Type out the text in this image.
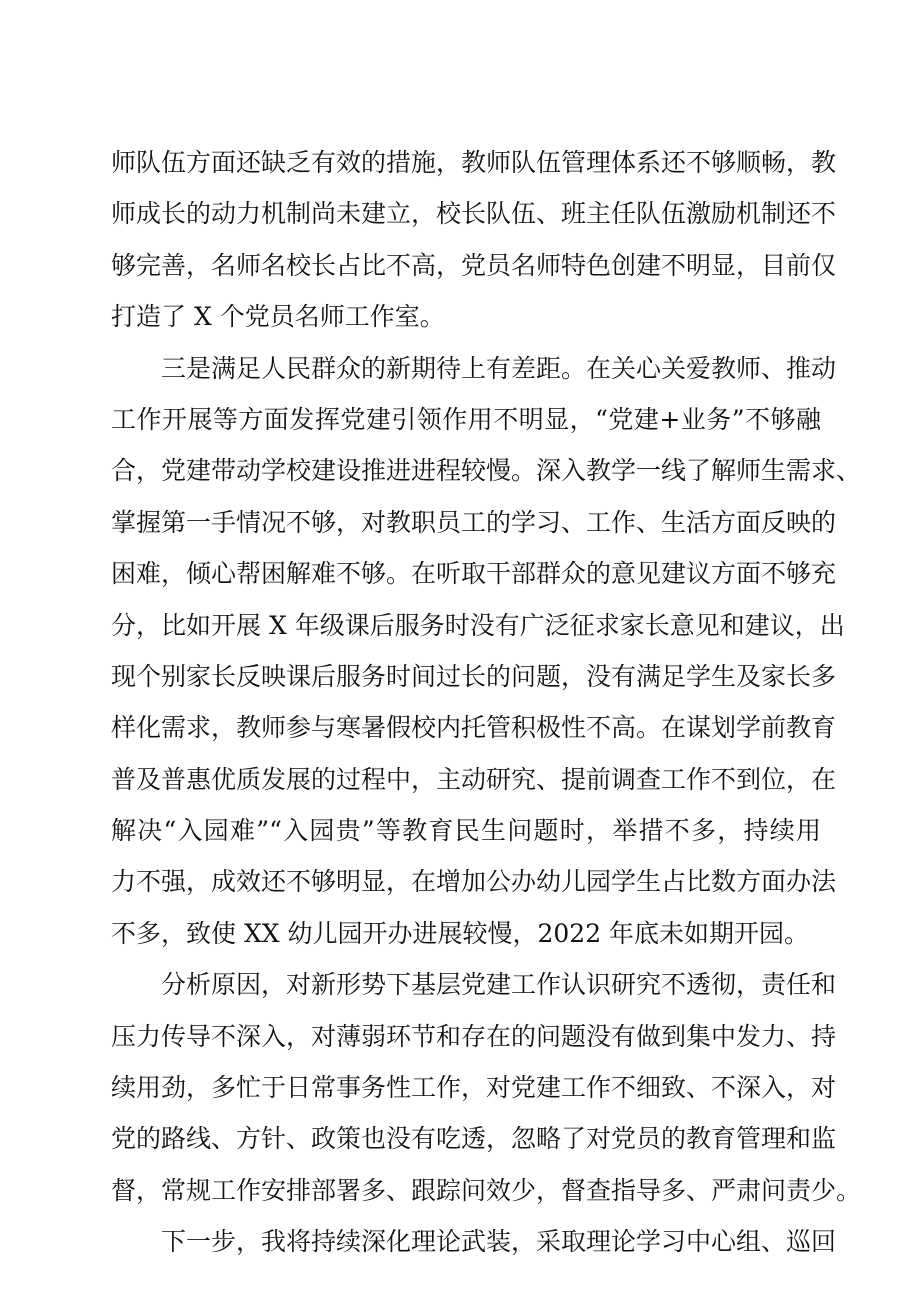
师队伍方面还缺乏有效的措施，教师队伍管理体系还不够顺畅，教
师成长的动力机制尚未建立，校长队伍、班主任队伍激励机制还不
够完善，名师名校长占比不高，党员名师特色创建不明显，目前仅
打造了 X 个党员名师工作室。
三是满足人民群众的新期待上有差距。在关心关爱教师、推动
工作开展等方面发挥党建引领作用不明显，“党建+业务”不够融
合，党建带动学校建设推进进程较慢。深入教学一线了解师生需求、
掌握第一手情况不够，对教职员工的学习、工作、生活方面反映的
困难，倾心帮困解难不够。在听取干部群众的意见建议方面不够充
分，比如开展 X 年级课后服务时没有广泛征求家长意见和建议，出
现个别家长反映课后服务时间过长的问题，没有满足学生及家长多
样化需求，教师参与寒暑假校内托管积极性不高。在谋划学前教育
普及普惠优质发展的过程中，主动研究、提前调查工作不到位，在
解决“入园难”“入园贵”等教育民生问题时，举措不多，持续用
力不强，成效还不够明显，在增加公办幼儿园学生占比数方面办法
不多，致使 XX 幼儿园开办进展较慢，2022 年底未如期开园。
分析原因，对新形势下基层党建工作认识研究不透彻，责任和
压力传导不深入，对薄弱环节和存在的问题没有做到集中发力、持
续用劲，多忙于日常事务性工作，对党建工作不细致、不深入，对
党的路线、方针、政策也没有吃透，忽略了对党员的教育管理和监
督，常规工作安排部署多、跟踪问效少，督查指导多、严肃问责少。
下一步，我将持续深化理论武装，采取理论学习中心组、巡回
